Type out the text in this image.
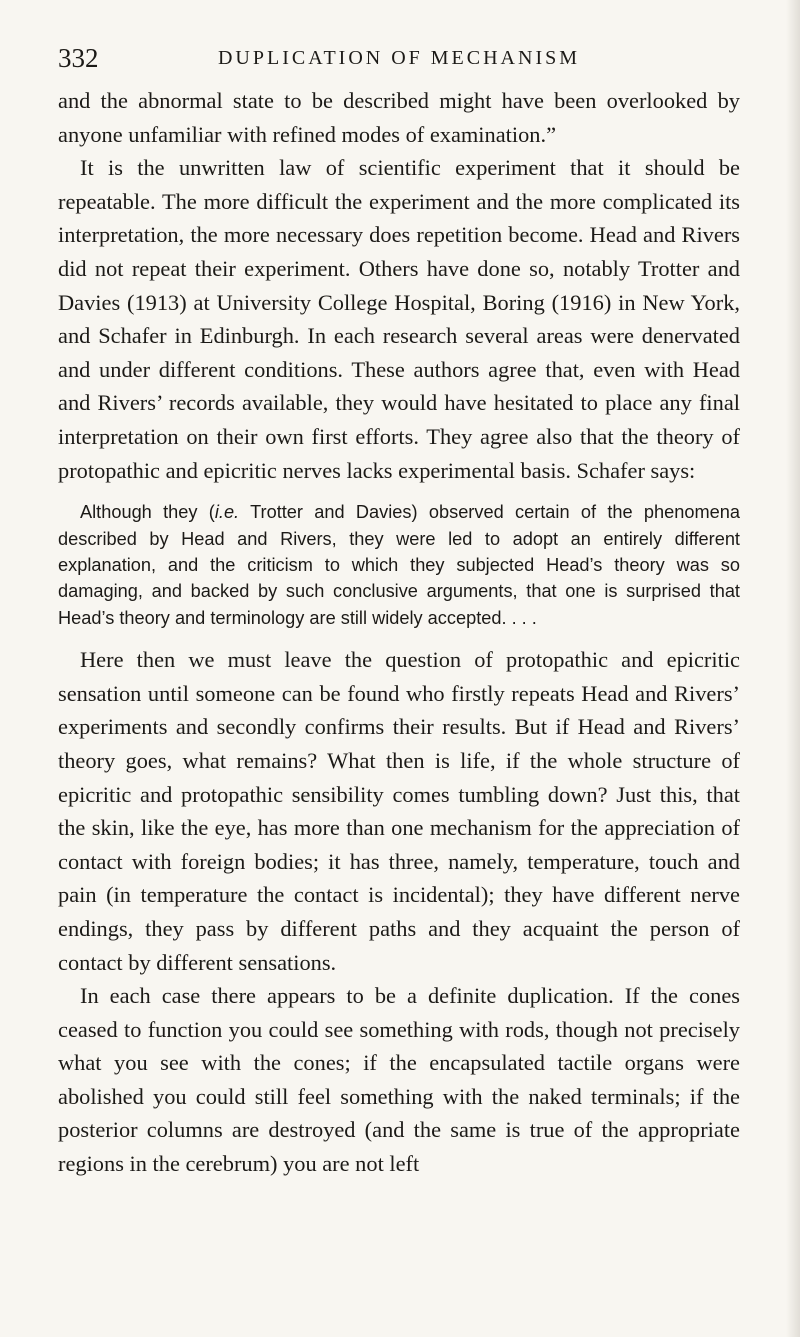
332	DUPLICATION OF MECHANISM

and the abnormal state to be described might have been overlooked by anyone unfamiliar with refined modes of examination.”

It is the unwritten law of scientific experiment that it should be repeatable. The more difficult the experiment and the more complicated its interpretation, the more necessary does repetition become. Head and Rivers did not repeat their experiment. Others have done so, notably Trotter and Davies (1913) at University College Hospital, Boring (1916) in New York, and Schafer in Edinburgh. In each research several areas were denervated and under different conditions. These authors agree that, even with Head and Rivers’ records available, they would have hesitated to place any final interpretation on their own first efforts. They agree also that the theory of protopathic and epicritic nerves lacks experimental basis. Schafer says:

Although they (i.e. Trotter and Davies) observed certain of the phenomena described by Head and Rivers, they were led to adopt an entirely different explanation, and the criticism to which they subjected Head’s theory was so damaging, and backed by such conclusive arguments, that one is surprised that Head’s theory and terminology are still widely accepted. . . .

Here then we must leave the question of protopathic and epicritic sensation until someone can be found who firstly repeats Head and Rivers’ experiments and secondly confirms their results. But if Head and Rivers’ theory goes, what remains? What then is life, if the whole structure of epicritic and protopathic sensibility comes tumbling down? Just this, that the skin, like the eye, has more than one mechanism for the appreciation of contact with foreign bodies; it has three, namely, temperature, touch and pain (in temperature the contact is incidental); they have different nerve endings, they pass by different paths and they acquaint the person of contact by different sensations.

In each case there appears to be a definite duplication. If the cones ceased to function you could see something with rods, though not precisely what you see with the cones; if the encapsulated tactile organs were abolished you could still feel something with the naked terminals; if the posterior columns are destroyed (and the same is true of the appropriate regions in the cerebrum) you are not left
